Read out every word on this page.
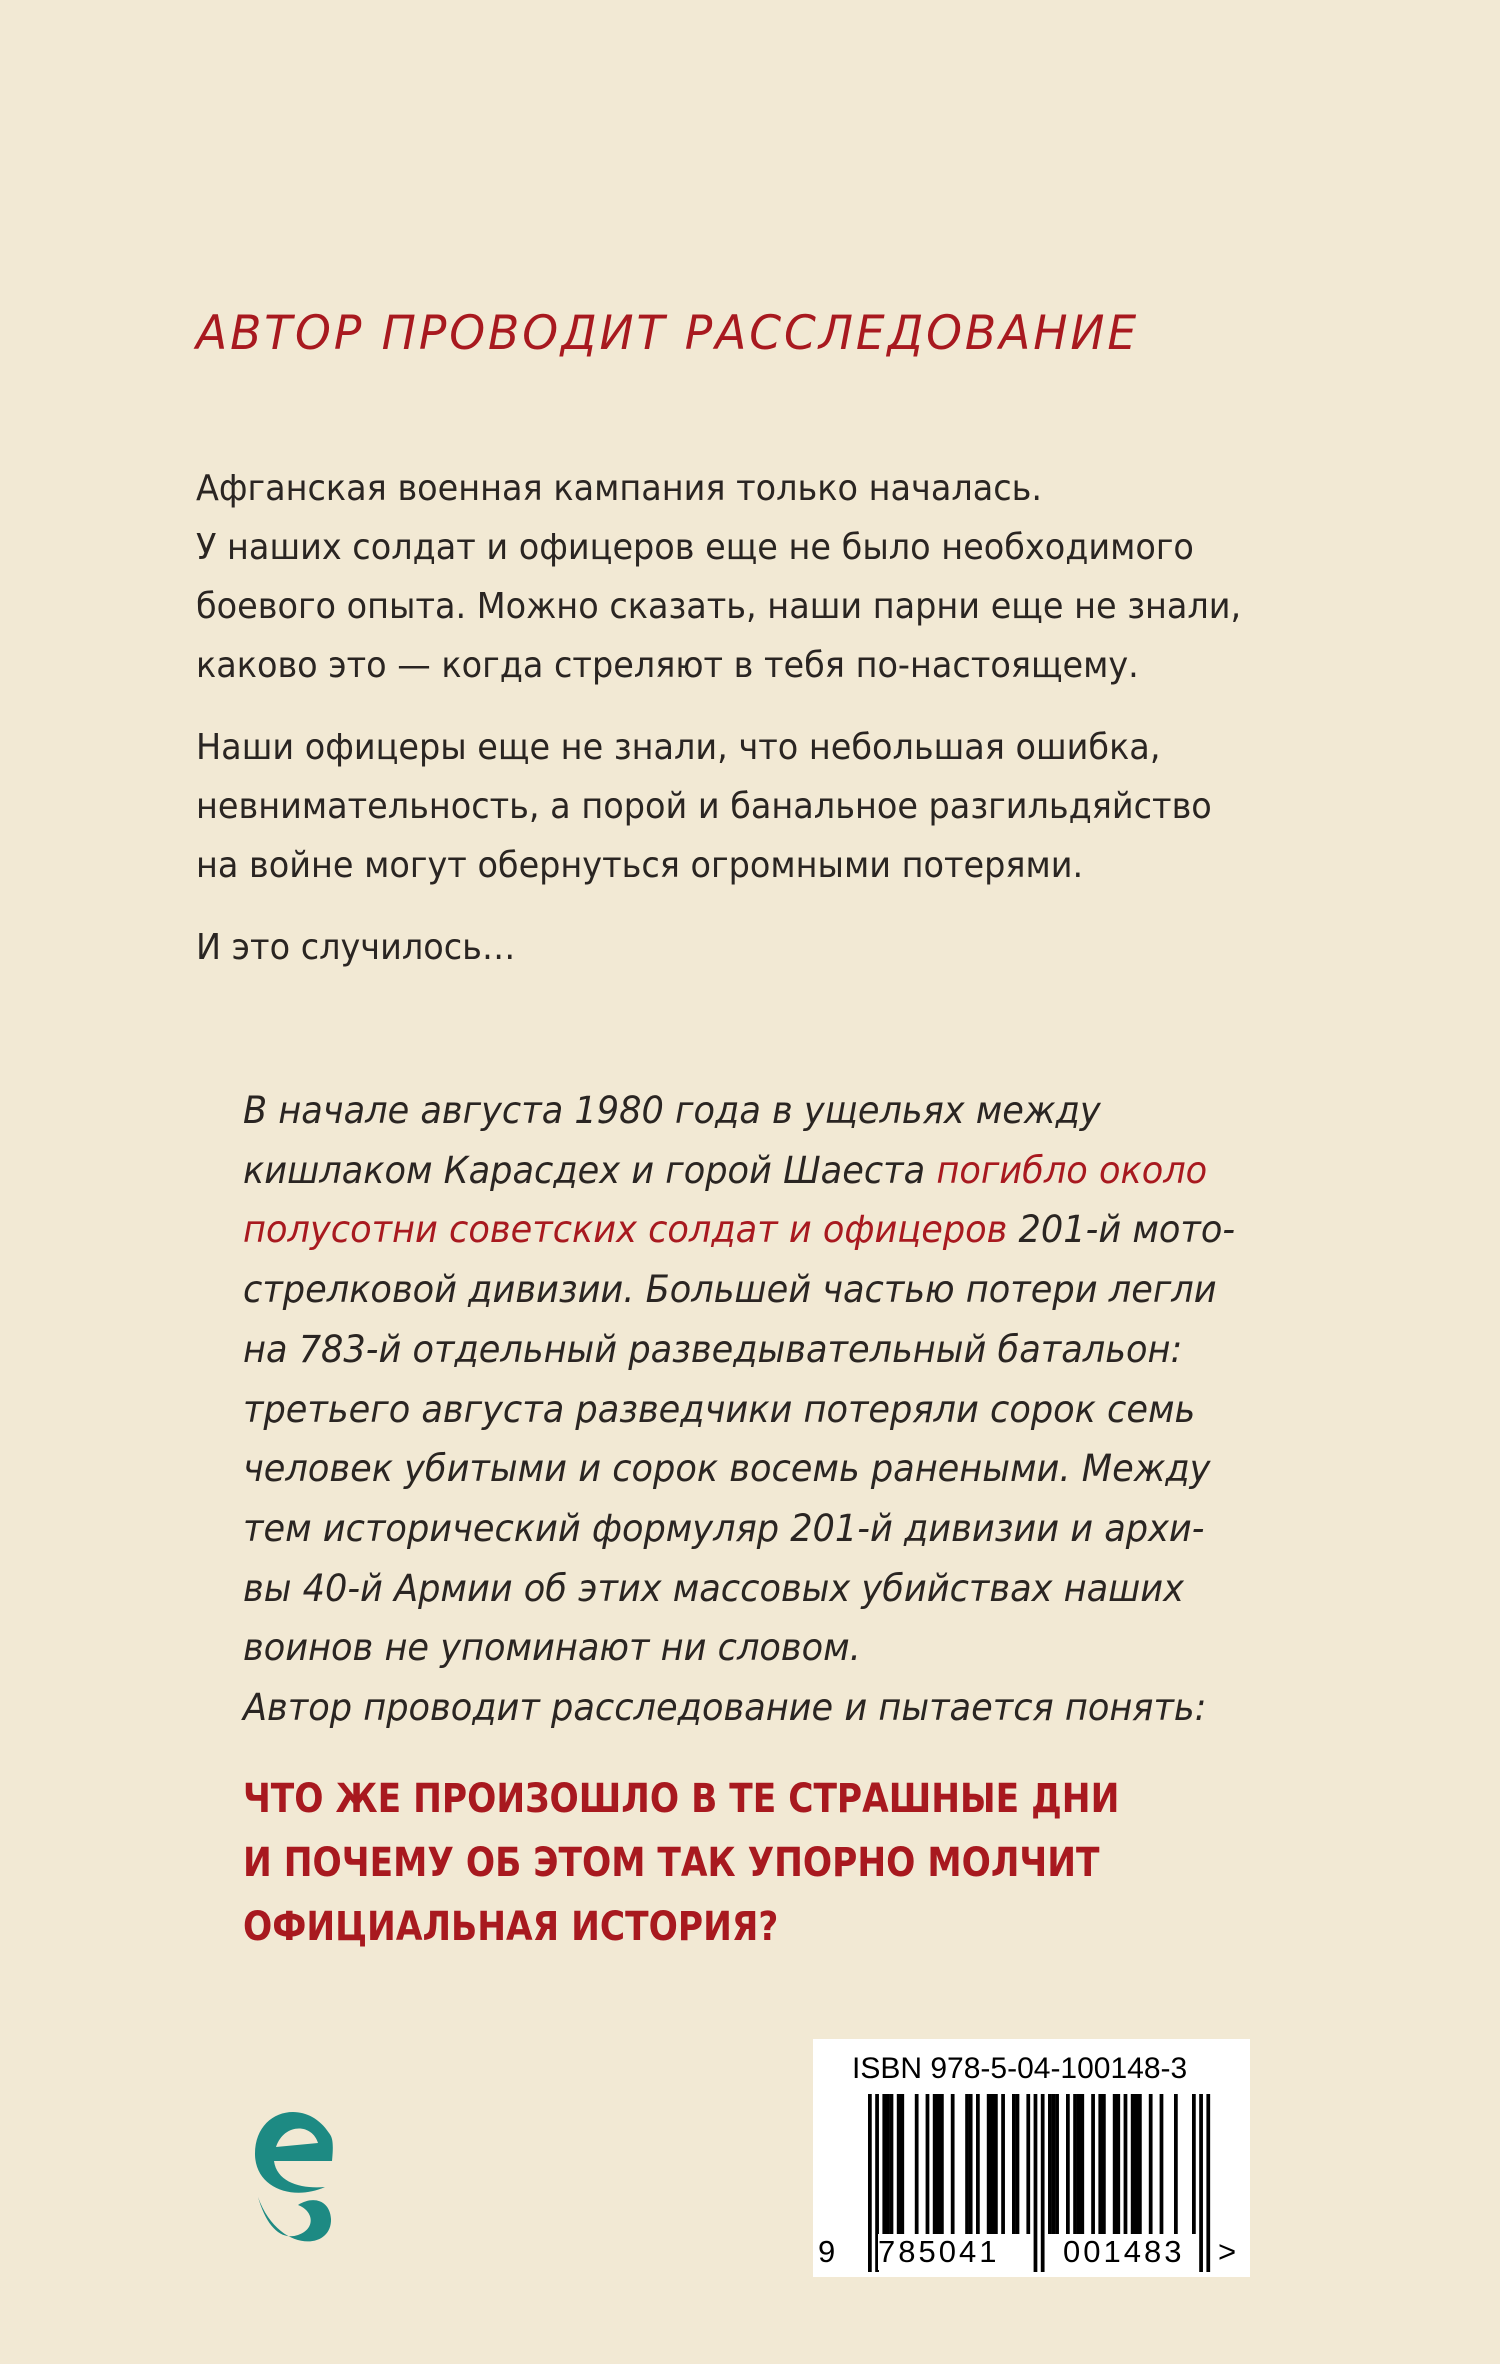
АВТОР ПРОВОДИТ РАССЛЕДОВАНИЕ
Афганская военная кампания только началась.
У наших солдат и офицеров еще не было необходимого
боевого опыта. Можно сказать, наши парни еще не знали,
каково это — когда стреляют в тебя по-настоящему.
Наши офицеры еще не знали, что небольшая ошибка,
невнимательность, а порой и банальное разгильдяйство
на войне могут обернуться огромными потерями.
И это случилось…
В начале августа 1980 года в ущельях между
кишлаком Карасдех и горой Шаеста погибло около
полусотни советских солдат и офицеров 201-й мото-
стрелковой дивизии. Большей частью потери легли
на 783-й отдельный разведывательный батальон:
третьего августа разведчики потеряли сорок семь
человек убитыми и сорок восемь ранеными. Между
тем исторический формуляр 201-й дивизии и архи-
вы 40-й Армии об этих массовых убийствах наших
воинов не упоминают ни словом.
Автор проводит расследование и пытается понять:
ЧТО ЖЕ ПРОИЗОШЛО В ТЕ СТРАШНЫЕ ДНИ
И ПОЧЕМУ ОБ ЭТОМ ТАК УПОРНО МОЛЧИТ
ОФИЦИАЛЬНАЯ ИСТОРИЯ?
ISBN 978-5-04-100148-3
9 785041 001483 >
